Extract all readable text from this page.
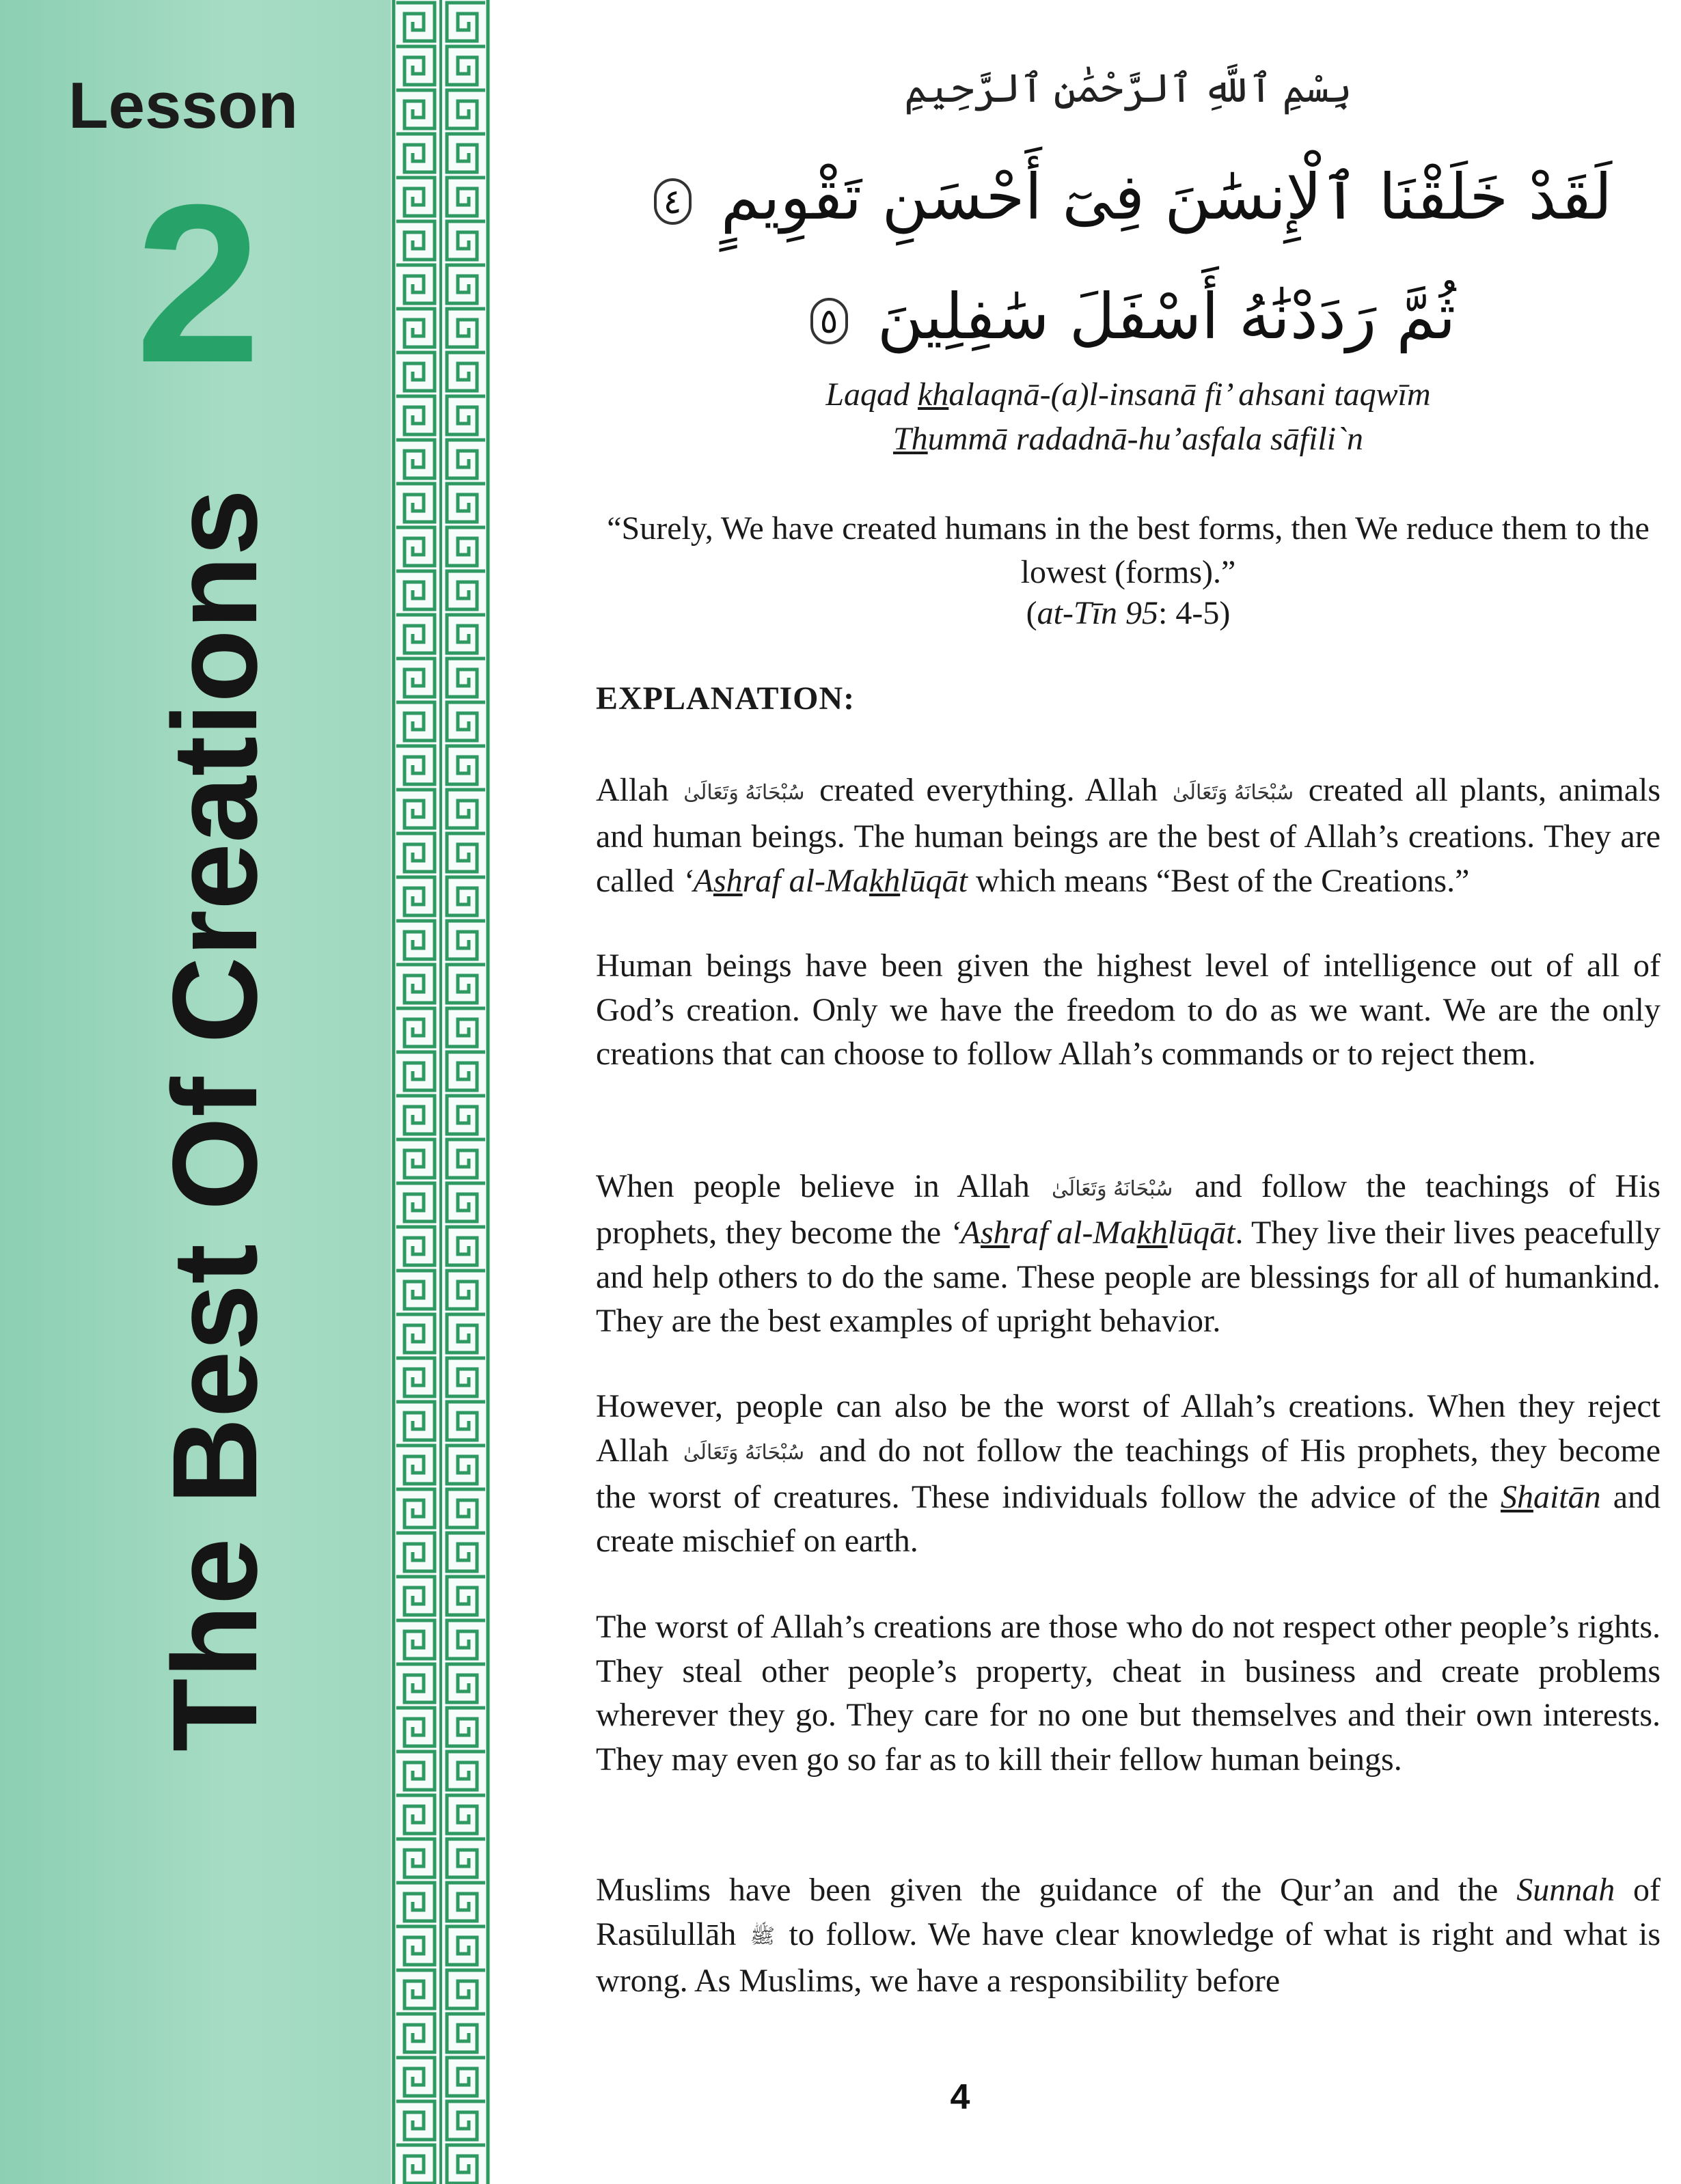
Lesson
2
The Best Of Creations
بِسْمِ ٱللَّهِ ٱلرَّحْمَٰنِ ٱلرَّحِيمِ
لَقَدْ خَلَقْنَا ٱلْإِنسَٰنَ فِىٓ أَحْسَنِ تَقْوِيمٍ ٤
ثُمَّ رَدَدْنَٰهُ أَسْفَلَ سَٰفِلِينَ ٥

Laqad khalaqnā-(a)l-insanā fi’ ahsani taqwīm

Thummā radadnā-hu’asfala sāfili`n

“Surely, We have created humans in the best forms, then We reduce them to the lowest (forms).”

(at-Tīn 95: 4-5)
EXPLANATION:

Allah سُبْحَانَهُ وَتَعَالَىٰ created everything. Allah سُبْحَانَهُ وَتَعَالَىٰ created all plants, animals and human beings. The human beings are the best of Allah’s creations. They are called ‘Ashraf al-Makhlūqāt which means “Best of the Creations.”

Human beings have been given the highest level of intelligence out of all of God’s creation. Only we have the freedom to do as we want. We are the only creations that can choose to follow Allah’s commands or to reject them.

When people believe in Allah سُبْحَانَهُ وَتَعَالَىٰ and follow the teachings of His prophets, they become the ‘Ashraf al-Makhlūqāt. They live their lives peacefully and help others to do the same. These people are blessings for all of humankind. They are the best examples of upright behavior.

However, people can also be the worst of Allah’s creations. When they reject Allah سُبْحَانَهُ وَتَعَالَىٰ and do not follow the teachings of His prophets, they become the worst of creatures. These individuals follow the advice of the Shaitān and create mischief on earth.

The worst of Allah’s creations are those who do not respect other people’s rights. They steal other people’s property, cheat in business and create problems wherever they go. They care for no one but themselves and their own interests. They may even go so far as to kill their fellow human beings.

Muslims have been given the guidance of the Qur’an and the Sunnah of Rasūlullāh ﷺ to follow. We have clear knowledge of what is right and what is wrong. As Muslims, we have a responsibility before

4
